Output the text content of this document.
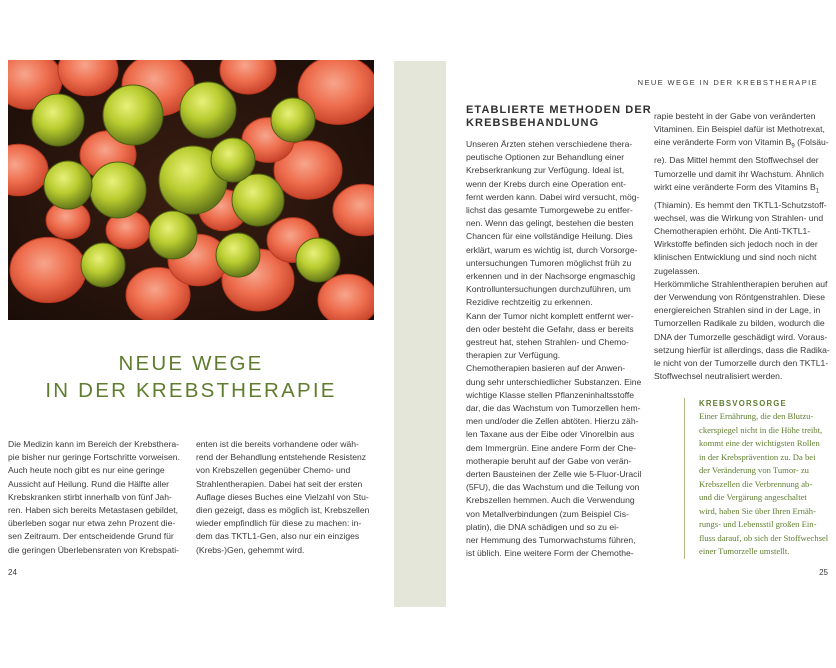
NEUE WEGE
IN DER KREBSTHERAPIE
Die Medizin kann im Bereich der Krebsthera-
pie bisher nur geringe Fortschritte vorweisen.
Auch heute noch gibt es nur eine geringe
Aussicht auf Heilung. Rund die Hälfte aller
Krebskranken stirbt innerhalb von fünf Jah-
ren. Haben sich bereits Metastasen gebildet,
überleben sogar nur etwa zehn Prozent die-
sen Zeitraum. Der entscheidende Grund für
die geringen Überlebensraten von Krebspati-
enten ist die bereits vorhandene oder wäh-
rend der Behandlung entstehende Resistenz
von Krebszellen gegenüber Chemo- und
Strahlentherapien. Dabei hat seit der ersten
Auflage dieses Buches eine Vielzahl von Stu-
dien gezeigt, dass es möglich ist, Krebszellen
wieder empfindlich für diese zu machen: in-
dem das TKTL1-Gen, also nur ein einziges
(Krebs-)Gen, gehemmt wird.
24
NEUE WEGE IN DER KREBSTHERAPIE
ETABLIERTE METHODEN DER
KREBSBEHANDLUNG
Unseren Ärzten stehen verschiedene thera-
peutische Optionen zur Behandlung einer
Krebserkrankung zur Verfügung. Ideal ist,
wenn der Krebs durch eine Operation ent-
fernt werden kann. Dabei wird versucht, mög-
lichst das gesamte Tumorgewebe zu entfer-
nen. Wenn das gelingt, bestehen die besten
Chancen für eine vollständige Heilung. Dies
erklärt, warum es wichtig ist, durch Vorsorge-
untersuchungen Tumoren möglichst früh zu
erkennen und in der Nachsorge engmaschig
Kontrolluntersuchungen durchzuführen, um
Rezidive rechtzeitig zu erkennen.
Kann der Tumor nicht komplett entfernt wer-
den oder besteht die Gefahr, dass er bereits
gestreut hat, stehen Strahlen- und Chemo-
therapien zur Verfügung.
Chemotherapien basieren auf der Anwen-
dung sehr unterschiedlicher Substanzen. Eine
wichtige Klasse stellen Pflanzeninhaltsstoffe
dar, die das Wachstum von Tumorzellen hem-
men und/oder die Zellen abtöten. Hierzu zäh-
len Taxane aus der Eibe oder Vinorelbin aus
dem Immergrün. Eine andere Form der Che-
motherapie beruht auf der Gabe von verän-
derten Bausteinen der Zelle wie 5-Fluor-Uracil
(5FU), die das Wachstum und die Teilung von
Krebszellen hemmen. Auch die Verwendung
von Metallverbindungen (zum Beispiel Cis-
platin), die DNA schädigen und so zu ei-
ner Hemmung des Tumorwachstums führen,
ist üblich. Eine weitere Form der Chemothe-
rapie besteht in der Gabe von veränderten
Vitaminen. Ein Beispiel dafür ist Methotrexat,
eine veränderte Form von Vitamin $B_9$ (Folsäu-
re). Das Mittel hemmt den Stoffwechsel der
Tumorzelle und damit ihr Wachstum. Ähnlich
wirkt eine veränderte Form des Vitamins $B_1$
(Thiamin). Es hemmt den TKTL1-Schutzstoff-
wechsel, was die Wirkung von Strahlen- und
Chemotherapien erhöht. Die Anti-TKTL1-
Wirkstoffe befinden sich jedoch noch in der
klinischen Entwicklung und sind noch nicht
zugelassen.
Herkömmliche Strahlentherapien beruhen auf
der Verwendung von Röntgenstrahlen. Diese
energiereichen Strahlen sind in der Lage, in
Tumorzellen Radikale zu bilden, wodurch die
DNA der Tumorzelle geschädigt wird. Voraus-
setzung hierfür ist allerdings, dass die Radika-
le nicht von der Tumorzelle durch den TKTL1-
Stoffwechsel neutralisiert werden.
KREBSVORSORGE
Einer Ernährung, die den Blutzu-
ckerspiegel nicht in die Höhe treibt,
kommt eine der wichtigsten Rollen
in der Krebsprävention zu. Da bei
der Veränderung von Tumor- zu
Krebszellen die Verbrennung ab-
und die Vergärung angeschaltet
wird, haben Sie über Ihren Ernäh-
rungs- und Lebensstil großen Ein-
fluss darauf, ob sich der Stoffwechsel
einer Tumorzelle umstellt.
25
